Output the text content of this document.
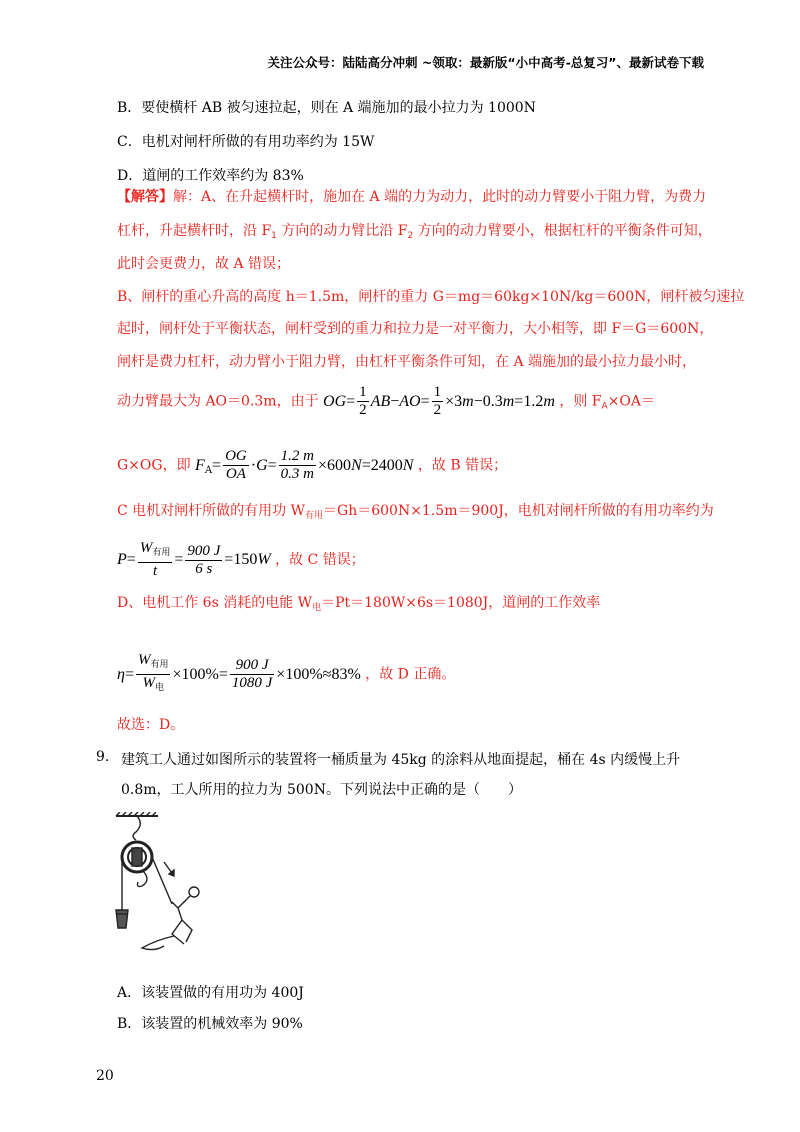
关注公众号：陆陆高分冲刺 ~领取：最新版“小中高考-总复习”、最新试卷下载
B．要使横杆 AB 被匀速拉起，则在 A 端施加的最小拉力为 1000N
C．电机对闸杆所做的有用功率约为 15W
D．道闸的工作效率约为 83%
【解答】解：A、在升起横杆时，施加在 A 端的力为动力，此时的动力臂要小于阻力臂，为费力
杠杆，升起横杆时，沿 $F_1$ 方向的动力臂比沿 $F_2$ 方向的动力臂要小，根据杠杆的平衡条件可知，
此时会更费力，故 A 错误；
B、闸杆的重心升高的高度 h＝1.5m，闸杆的重力 G＝mg＝60kg×10N/kg＝600N，闸杆被匀速拉
起时，闸杆处于平衡状态，闸杆受到的重力和拉力是一对平衡力，大小相等，即 F＝G＝600N，
闸杆是费力杠杆，动力臂小于阻力臂，由杠杆平衡条件可知，在 A 端施加的最小拉力最小时，
动力臂最大为 AO＝0.3m，由于 $OG= \frac{1}{2} AB-AO= \frac{1}{2} \times 3m-0.3m=1.2m$ ，则 $F_A\times OA=$
G×OG，即 $F_A= \frac{OG}{OA} \cdot G= \frac{1.2 m}{0.3 m} \times 600N=2400N$ ，故 B 错误；
C 电机对闸杆所做的有用功 $W_{有用}=Gh=600N\times 1.5m=900J$，电机对闸杆所做的有用功率约为
$P= \frac{W_{有用}}{t} = \frac{900 J}{6 s} =150W$ ，故 C 错误；
D、电机工作 6s 消耗的电能 $W_电=Pt=180W\times 6s=1080J$，道闸的工作效率
$\eta= \frac{W_{有用}}{W_电} \times 100\%= \frac{900 J}{1080 J} \times 100\%\approx 83\%$ ，故 D 正确。
故选：D。
9. 建筑工人通过如图所示的装置将一桶质量为 45kg 的涂料从地面提起，桶在 4s 内缓慢上升
0.8m，工人所用的拉力为 500N。下列说法中正确的是（　　）
A．该装置做的有用功为 400J
B．该装置的机械效率为 90%
20
